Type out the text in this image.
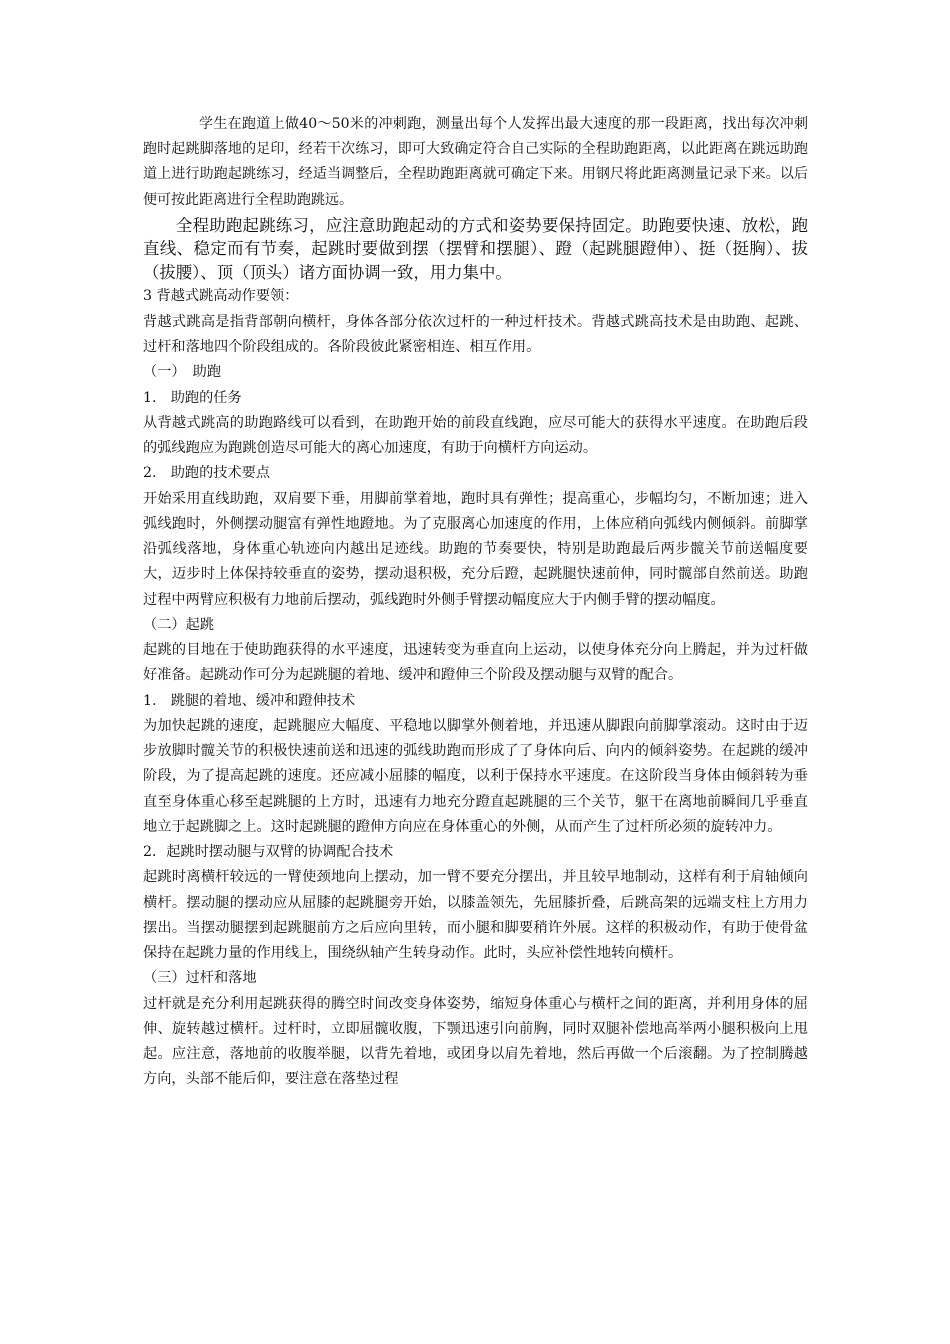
学生在跑道上做40～50米的冲刺跑，测量出每个人发挥出最大速度的那一段距离，找出每次冲刺跑时起跳脚落地的足印，经若干次练习，即可大致确定符合自己实际的全程助跑距离，以此距离在跳远助跑道上进行助跑起跳练习，经适当调整后，全程助跑距离就可确定下来。用钢尺将此距离测量记录下来。以后便可按此距离进行全程助跑跳远。

全程助跑起跳练习，应注意助跑起动的方式和姿势要保持固定。助跑要快速、放松，跑直线、稳定而有节奏，起跳时要做到摆（摆臂和摆腿）、蹬（起跳腿蹬伸）、挺（挺胸）、拔（拔腰）、顶（顶头）诸方面协调一致，用力集中。

3 背越式跳高动作要领：

背越式跳高是指背部朝向横杆，身体各部分依次过杆的一种过杆技术。背越式跳高技术是由助跑、起跳、过杆和落地四个阶段组成的。各阶段彼此紧密相连、相互作用。

（一）　助跑
1.　助跑的任务

从背越式跳高的助跑路线可以看到，在助跑开始的前段直线跑，应尽可能大的获得水平速度。在助跑后段的弧线跑应为跑跳创造尽可能大的离心加速度，有助于向横杆方向运动。

2.　助跑的技术要点

开始采用直线助跑，双肩要下垂，用脚前掌着地，跑时具有弹性；提高重心，步幅均匀，不断加速；进入弧线跑时，外侧摆动腿富有弹性地蹬地。为了克服离心加速度的作用，上体应稍向弧线内侧倾斜。前脚掌沿弧线落地，身体重心轨迹向内越出足迹线。助跑的节奏要快，特别是助跑最后两步髋关节前送幅度要大，迈步时上体保持较垂直的姿势，摆动退积极，充分后蹬，起跳腿快速前伸，同时髋部自然前送。助跑过程中两臂应积极有力地前后摆动，弧线跑时外侧手臂摆动幅度应大于内侧手臂的摆动幅度。

（二）起跳

起跳的目地在于使助跑获得的水平速度，迅速转变为垂直向上运动，以使身体充分向上腾起，并为过杆做好准备。起跳动作可分为起跳腿的着地、缓冲和蹬伸三个阶段及摆动腿与双臂的配合。

1.　跳腿的着地、缓冲和蹬伸技术

为加快起跳的速度，起跳腿应大幅度、平稳地以脚掌外侧着地，并迅速从脚跟向前脚掌滚动。这时由于迈步放脚时髋关节的积极快速前送和迅速的弧线助跑而形成了了身体向后、向内的倾斜姿势。在起跳的缓冲阶段，为了提高起跳的速度。还应减小屈膝的幅度，以利于保持水平速度。在这阶段当身体由倾斜转为垂直至身体重心移至起跳腿的上方时，迅速有力地充分蹬直起跳腿的三个关节，躯干在离地前瞬间几乎垂直地立于起跳脚之上。这时起跳腿的蹬伸方向应在身体重心的外侧，从而产生了过杆所必须的旋转冲力。

2．起跳时摆动腿与双臂的协调配合技术

起跳时离横杆较远的一臂使颈地向上摆动，加一臂不要充分摆出，并且较早地制动，这样有利于肩轴倾向横杆。摆动腿的摆动应从屈膝的起跳腿旁开始，以膝盖领先，先屈膝折叠，后跳高架的远端支柱上方用力摆出。当摆动腿摆到起跳腿前方之后应向里转，而小腿和脚要稍许外展。这样的积极动作，有助于使骨盆保持在起跳力量的作用线上，围绕纵轴产生转身动作。此时，头应补偿性地转向横杆。

（三）过杆和落地

过杆就是充分利用起跳获得的腾空时间改变身体姿势，缩短身体重心与横杆之间的距离，并利用身体的屈伸、旋转越过横杆。过杆时，立即屈髋收腹，下颚迅速引向前胸，同时双腿补偿地高举两小腿积极向上甩起。应注意，落地前的收腹举腿，以背先着地，或团身以肩先着地，然后再做一个后滚翻。为了控制腾越方向，头部不能后仰，要注意在落垫过程
